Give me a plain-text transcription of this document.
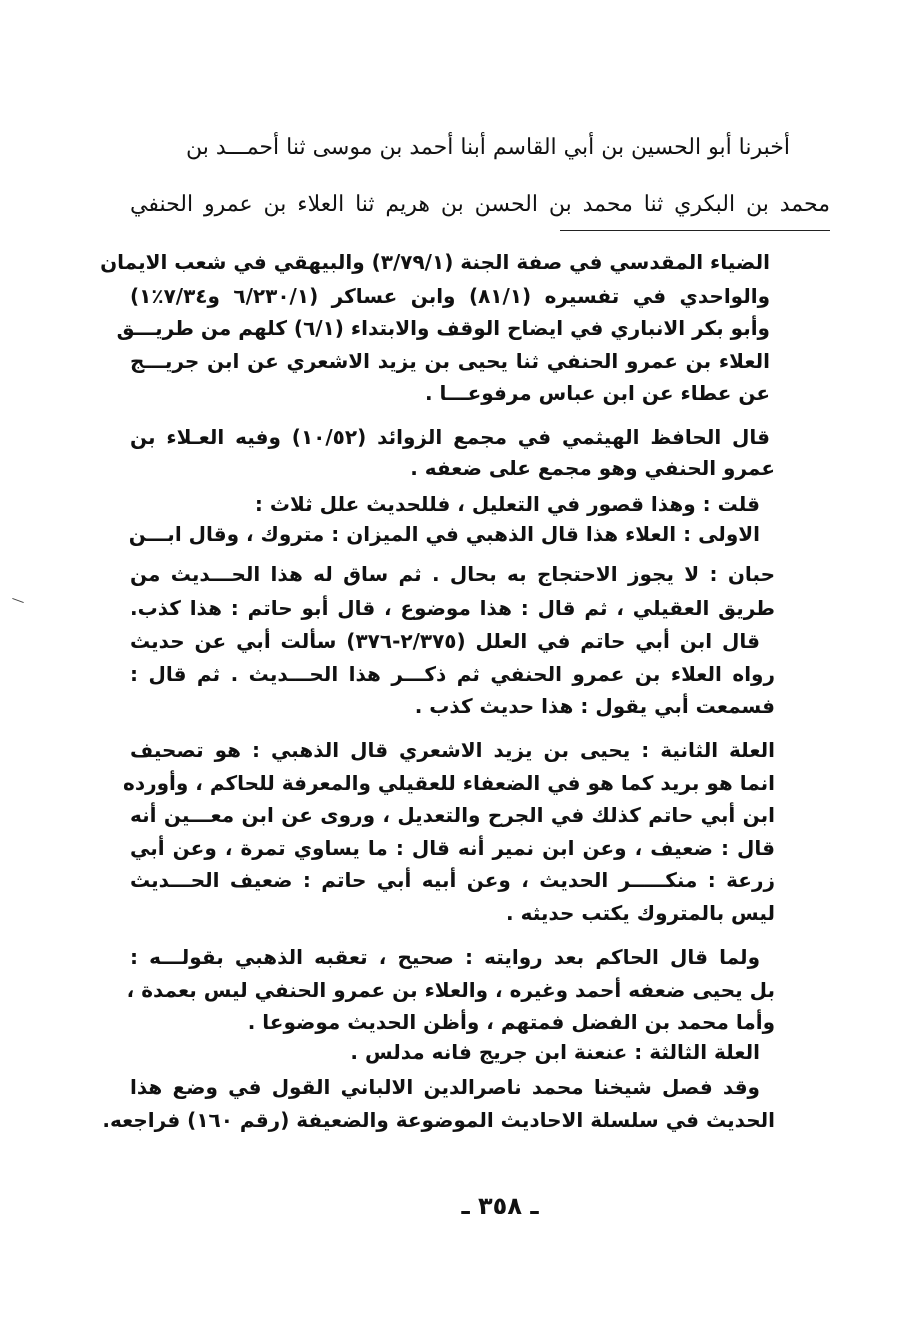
أخبرنا أبو الحسين بن أبي القاسم أبنا أحمد بن موسى ثنا أحمـــد بن
محمد بن البكري ثنا محمد بن الحسن بن هريم ثنا العلاء بن عمرو الحنفي
الضياء المقدسي في صفة الجنة (٣/٧٩/١) والبيهقي في شعب الايمان
والواحدي في تفسيره (٨١/١) وابن عساكر (٦/٢٣٠/١ و٧/٣٤٪١)
وأبو بكر الانباري في ايضاح الوقف والابتداء (٦/١) كلهم من طريـــق
العلاء بن عمرو الحنفي ثنا يحيى بن يزيد الاشعري عن ابن جريـــج
عن عطاء عن ابن عباس مرفوعـــا .
قال الحافظ الهيثمي في مجمع الزوائد (١٠/٥٢) وفيه العـلاء بن
عمرو الحنفي وهو مجمع على ضعفه .
قلت : وهذا قصور في التعليل ، فللحديث علل ثلاث :
الاولى : العلاء هذا قال الذهبي في الميزان : متروك ، وقال ابـــن
حبان : لا يجوز الاحتجاج به بحال . ثم ساق له هذا الحـــديث من
طريق العقيلي ، ثم قال : هذا موضوع ، قال أبو حاتم : هذا كذب.
قال ابن أبي حاتم في العلل (٢/٣٧٥-٣٧٦) سألت أبي عن حديث
رواه العلاء بن عمرو الحنفي ثم ذكـــر هذا الحـــديث . ثم قال :
فسمعت أبي يقول : هذا حديث كذب .
العلة الثانية : يحيى بن يزيد الاشعري قال الذهبي : هو تصحيف
انما هو بريد كما هو في الضعفاء للعقيلي والمعرفة للحاكم ، وأورده
ابن أبي حاتم كذلك في الجرح والتعديل ، وروى عن ابن معـــين أنه
قال : ضعيف ، وعن ابن نمير أنه قال : ما يساوي تمرة ، وعن أبي
زرعة : منكـــــر الحديث ، وعن أبيه أبي حاتم : ضعيف الحـــديث
ليس بالمتروك يكتب حديثه .
ولما قال الحاكم بعد روايته : صحيح ، تعقبه الذهبي بقولـــه :
بل يحيى ضعفه أحمد وغيره ، والعلاء بن عمرو الحنفي ليس بعمدة ،
وأما محمد بن الفضل فمتهم ، وأظن الحديث موضوعا .
العلة الثالثة : عنعنة ابن جريج فانه مدلس .
وقد فصل شيخنا محمد ناصرالدين الالباني القول في وضع هذا
الحديث في سلسلة الاحاديث الموضوعة والضعيفة (رقم ١٦٠) فراجعه.
ـ ٣٥٨ ـ
